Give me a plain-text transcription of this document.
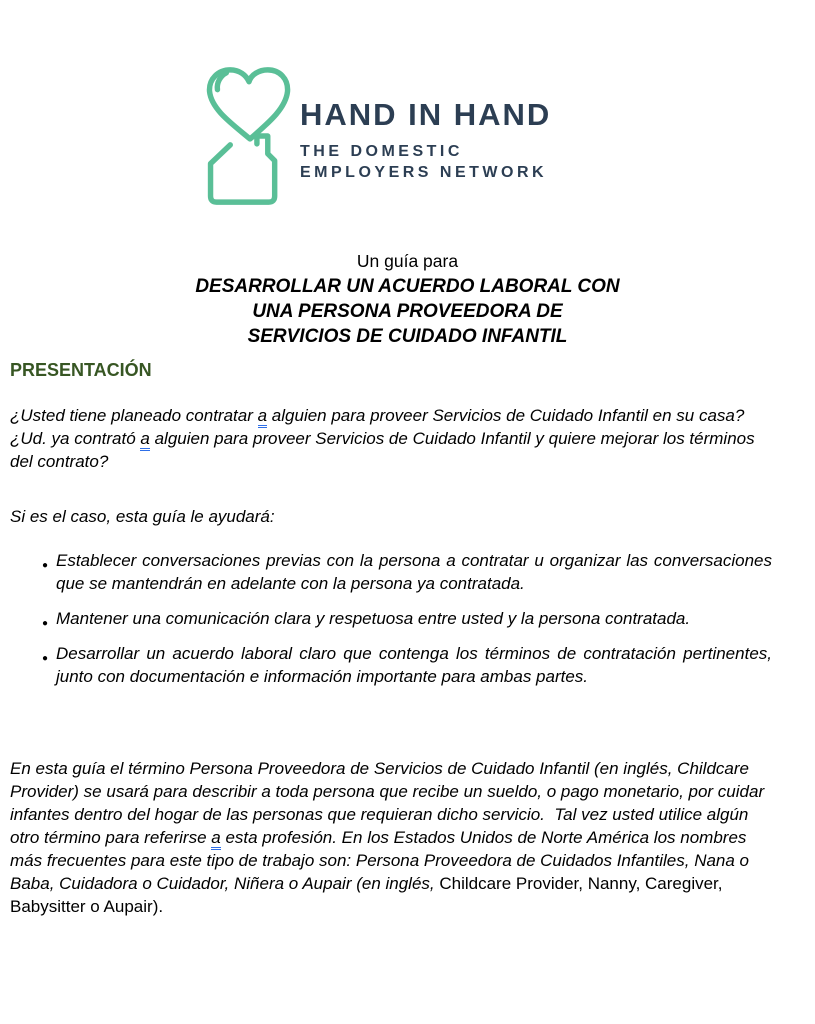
HAND IN HAND
THE DOMESTIC
EMPLOYERS NETWORK
Un guía para
DESARROLLAR UN ACUERDO LABORAL CON
UNA PERSONA PROVEEDORA DE
SERVICIOS DE CUIDADO INFANTIL
PRESENTACIÓN

¿Usted tiene planeado contratar a alguien para proveer Servicios de Cuidado Infantil en su casa? ¿Ud. ya contrató a alguien para proveer Servicios de Cuidado Infantil y quiere mejorar los términos del contrato?

Si es el caso, esta guía le ayudará:

● Establecer conversaciones previas con la persona a contratar u organizar las conversaciones que se mantendrán en adelante con la persona ya contratada.
● Mantener una comunicación clara y respetuosa entre usted y la persona contratada.
● Desarrollar un acuerdo laboral claro que contenga los términos de contratación pertinentes, junto con documentación e información importante para ambas partes.

En esta guía el término Persona Proveedora de Servicios de Cuidado Infantil (en inglés, Childcare Provider) se usará para describir a toda persona que recibe un sueldo, o pago monetario, por cuidar infantes dentro del hogar de las personas que requieran dicho servicio.  Tal vez usted utilice algún otro término para referirse a esta profesión. En los Estados Unidos de Norte América los nombres más frecuentes para este tipo de trabajo son: Persona Proveedora de Cuidados Infantiles, Nana o Baba, Cuidadora o Cuidador, Niñera o Aupair (en inglés, Childcare Provider, Nanny, Caregiver, Babysitter o Aupair).
